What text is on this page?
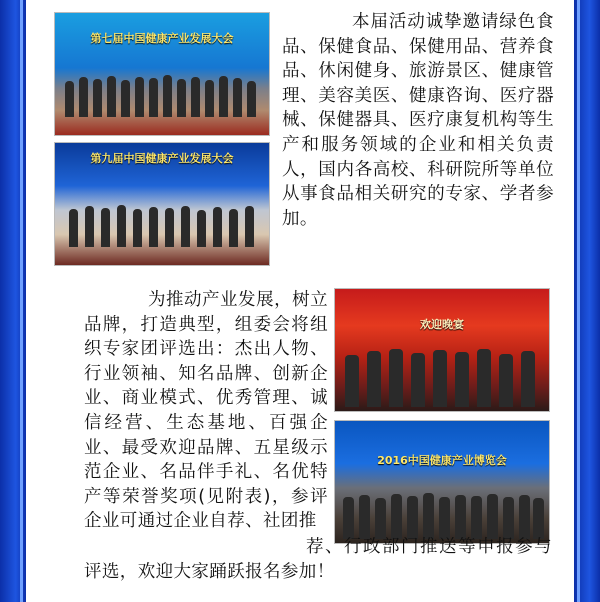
第七届中国健康产业发展大会
第九届中国健康产业发展大会

本届活动诚挚邀请绿色食品、保健食品、保健用品、营养食品、休闲健身、旅游景区、健康管理、美容美医、健康咨询、医疗器械、保健器具、医疗康复机构等生产和服务领域的企业和相关负责人，国内各高校、科研院所等单位从事食品相关研究的专家、学者参加。

为推动产业发展，树立品牌，打造典型，组委会将组织专家团评选出：杰出人物、行业领袖、知名品牌、创新企业、商业模式、优秀管理、诚信经营、生态基地、百强企业、最受欢迎品牌、五星级示范企业、名品伴手礼、名优特产等荣誉奖项(见附表)，参评企业可通过企业自荐、社团推

欢迎晚宴
2016中国健康产业博览会

荐、行政部门推送等申报参与评选，欢迎大家踊跃报名参加！
